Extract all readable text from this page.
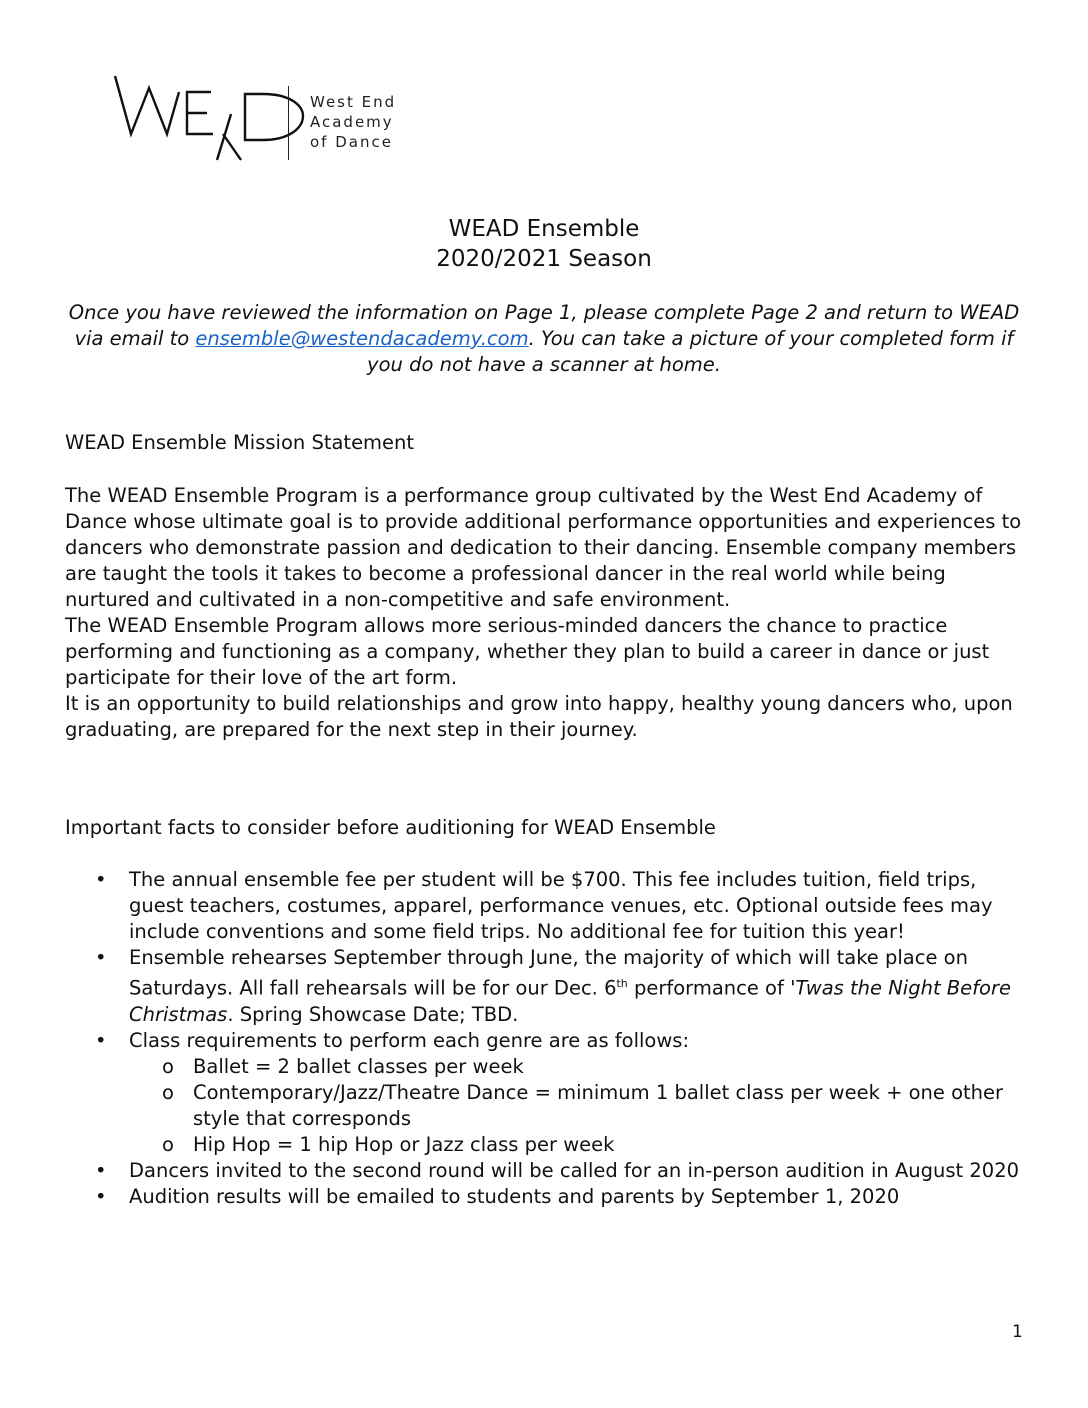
West End
Academy
of Dance
WEAD Ensemble
2020/2021 Season
Once you have reviewed the information on Page 1, please complete Page 2 and return to WEAD via email to ensemble@westendacademy.com. You can take a picture of your completed form if you do not have a scanner at home.
WEAD Ensemble Mission Statement

The WEAD Ensemble Program is a performance group cultivated by the West End Academy of Dance whose ultimate goal is to provide additional performance opportunities and experiences to dancers who demonstrate passion and dedication to their dancing. Ensemble company members are taught the tools it takes to become a professional dancer in the real world while being nurtured and cultivated in a non-competitive and safe environment.

The WEAD Ensemble Program allows more serious-minded dancers the chance to practice performing and functioning as a company, whether they plan to build a career in dance or just participate for their love of the art form.

It is an opportunity to build relationships and grow into happy, healthy young dancers who, upon graduating, are prepared for the next step in their journey.

Important facts to consider before auditioning for WEAD Ensemble
• The annual ensemble fee per student will be $700. This fee includes tuition, field trips, guest teachers, costumes, apparel, performance venues, etc. Optional outside fees may include conventions and some field trips. No additional fee for tuition this year!
• Ensemble rehearses September through June, the majority of which will take place on Saturdays. All fall rehearsals will be for our Dec. 6th performance of 'Twas the Night Before Christmas. Spring Showcase Date; TBD.
• Class requirements to perform each genre are as follows:
o Ballet = 2 ballet classes per week
o Contemporary/Jazz/Theatre Dance = minimum 1 ballet class per week + one other style that corresponds
o Hip Hop = 1 hip Hop or Jazz class per week
• Dancers invited to the second round will be called for an in-person audition in August 2020
• Audition results will be emailed to students and parents by September 1, 2020
1
